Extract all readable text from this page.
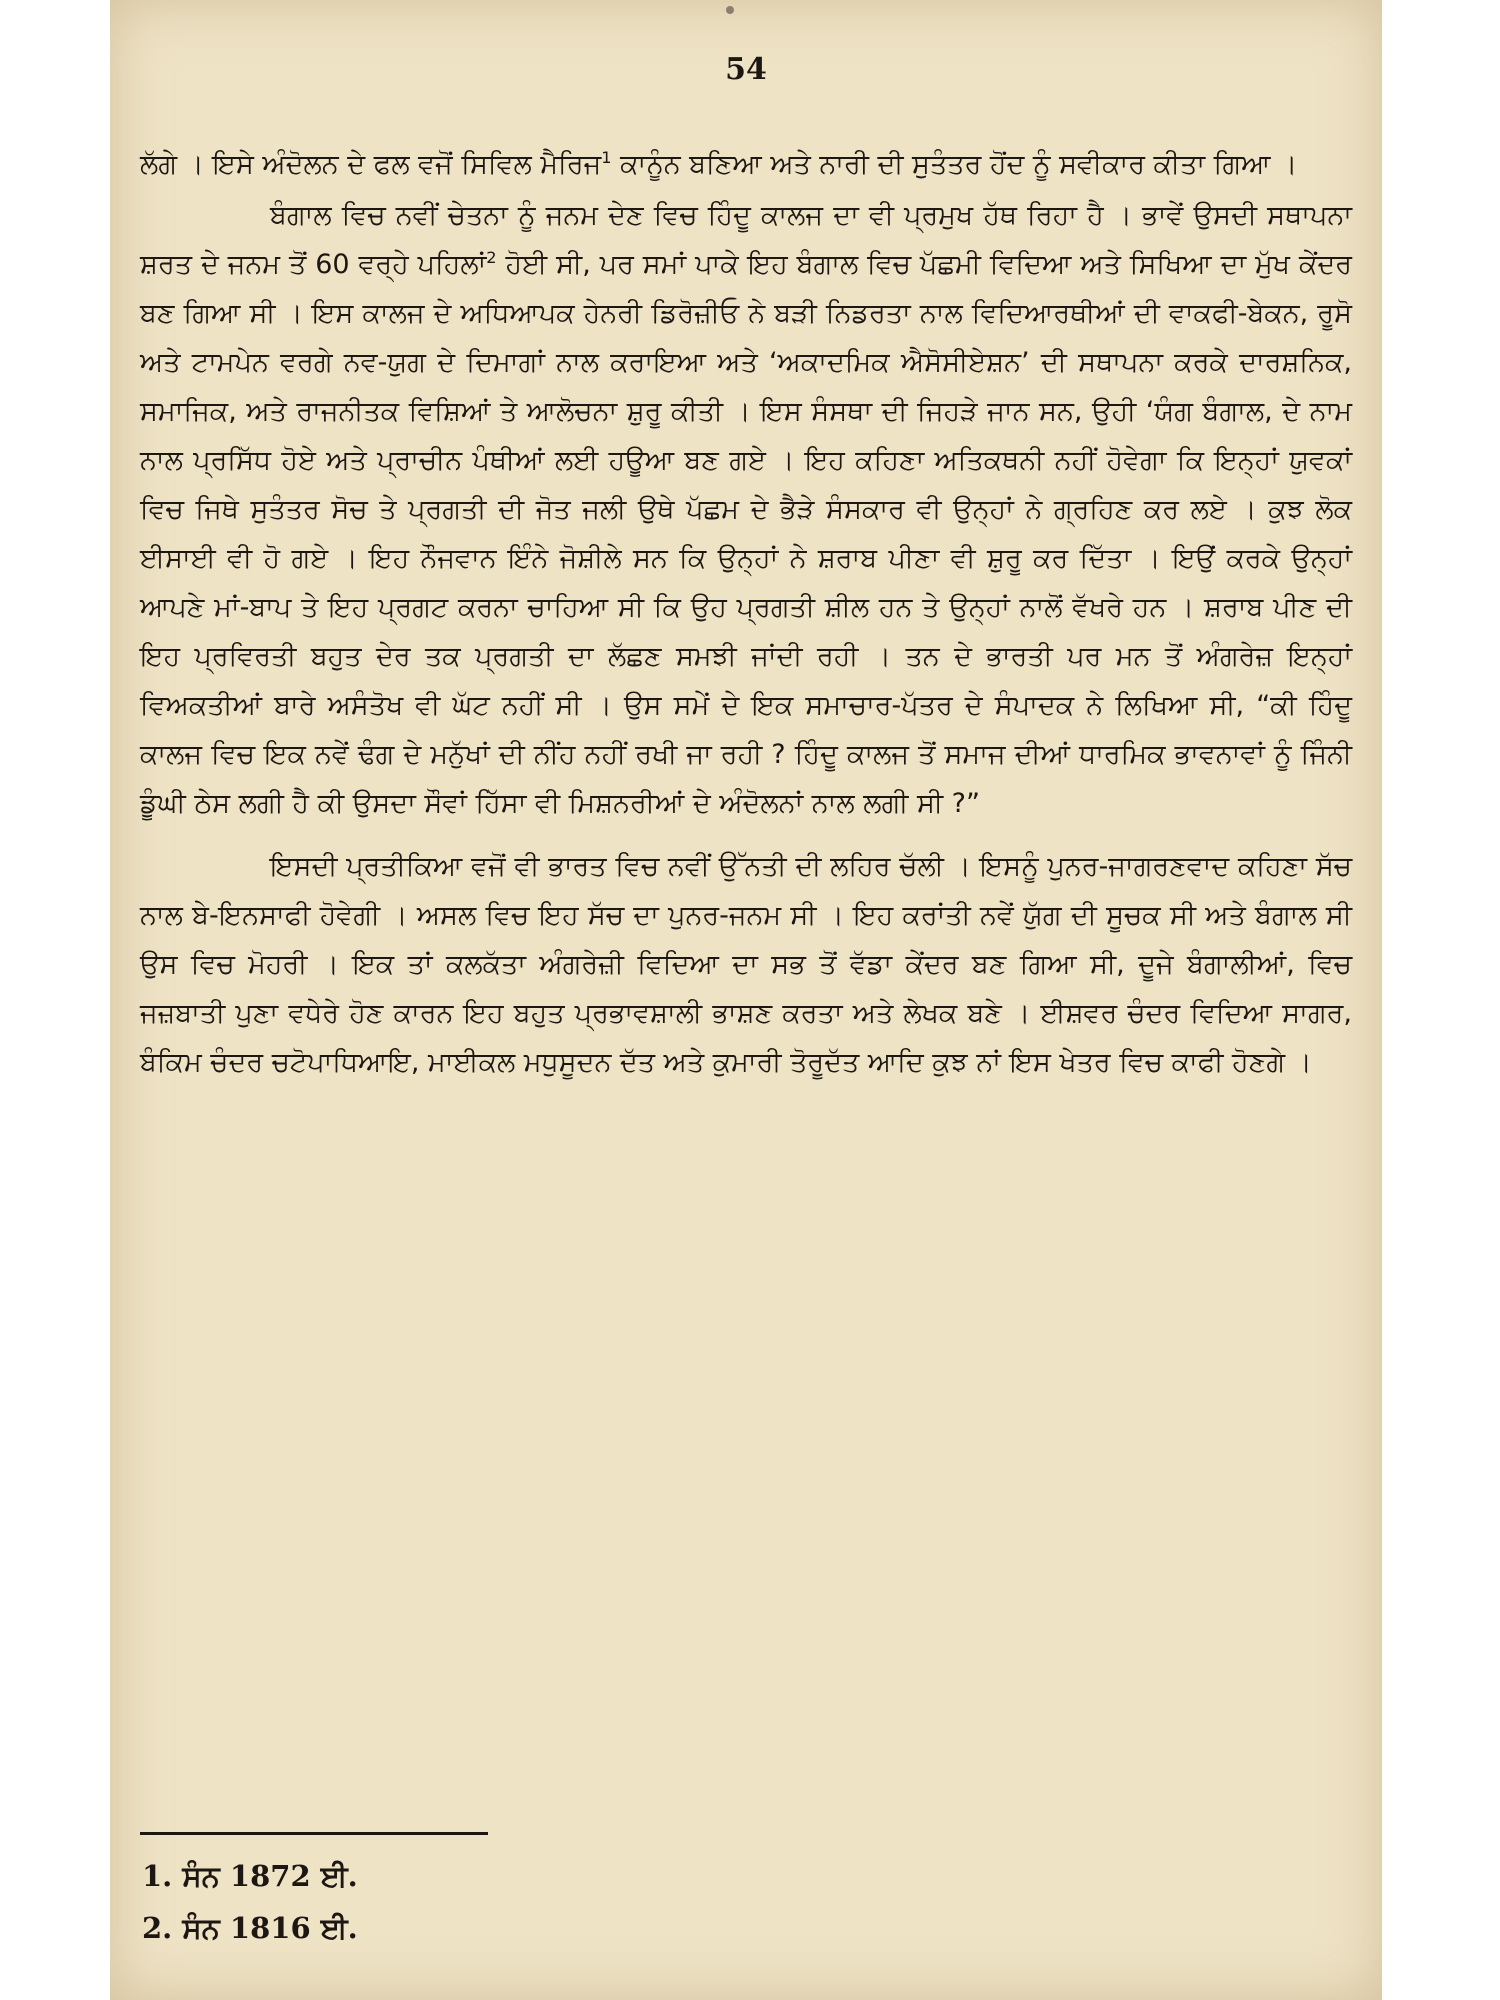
54

ਲੱਗੇ । ਇਸੇ ਅੰਦੋਲਨ ਦੇ ਫਲ ਵਜੋਂ ਸਿਵਿਲ ਮੈਰਿਜ$^1$ ਕਾਨੂੰਨ ਬਣਿਆ ਅਤੇ ਨਾਰੀ ਦੀ ਸੁਤੰਤਰ ਹੋਂਦ ਨੂੰ ਸਵੀਕਾਰ ਕੀਤਾ ਗਿਆ ।

ਬੰਗਾਲ ਵਿਚ ਨਵੀਂ ਚੇਤਨਾ ਨੂੰ ਜਨਮ ਦੇਣ ਵਿਚ ਹਿੰਦੂ ਕਾਲਜ ਦਾ ਵੀ ਪ੍ਰਮੁਖ ਹੱਥ ਰਿਹਾ ਹੈ । ਭਾਵੇਂ ਉਸਦੀ ਸਥਾਪਨਾ ਸ਼ਰਤ ਦੇ ਜਨਮ ਤੋਂ 60 ਵਰ੍ਹੇ ਪਹਿਲਾਂ$^2$ ਹੋਈ ਸੀ, ਪਰ ਸਮਾਂ ਪਾਕੇ ਇਹ ਬੰਗਾਲ ਵਿਚ ਪੱਛਮੀ ਵਿਦਿਆ ਅਤੇ ਸਿਖਿਆ ਦਾ ਮੁੱਖ ਕੇਂਦਰ ਬਣ ਗਿਆ ਸੀ । ਇਸ ਕਾਲਜ ਦੇ ਅਧਿਆਪਕ ਹੇਨਰੀ ਡਿਰੋਜ਼ੀਓ ਨੇ ਬੜੀ ਨਿਡਰਤਾ ਨਾਲ ਵਿਦਿਆਰਥੀਆਂ ਦੀ ਵਾਕਫੀ-ਬੇਕਨ, ਰੂਸੋ ਅਤੇ ਟਾਮਪੇਨ ਵਰਗੇ ਨਵ-ਯੁਗ ਦੇ ਦਿਮਾਗਾਂ ਨਾਲ ਕਰਾਇਆ ਅਤੇ ‘ਅਕਾਦਮਿਕ ਐਸੋਸੀਏਸ਼ਨ’ ਦੀ ਸਥਾਪਨਾ ਕਰਕੇ ਦਾਰਸ਼ਨਿਕ, ਸਮਾਜਿਕ, ਅਤੇ ਰਾਜਨੀਤਕ ਵਿਸ਼ਿਆਂ ਤੇ ਆਲੋਚਨਾ ਸ਼ੁਰੂ ਕੀਤੀ । ਇਸ ਸੰਸਥਾ ਦੀ ਜਿਹੜੇ ਜਾਨ ਸਨ, ਉਹੀ ‘ਯੰਗ ਬੰਗਾਲ, ਦੇ ਨਾਮ ਨਾਲ ਪ੍ਰਸਿੱਧ ਹੋਏ ਅਤੇ ਪ੍ਰਾਚੀਨ ਪੰਥੀਆਂ ਲਈ ਹਊਆ ਬਣ ਗਏ । ਇਹ ਕਹਿਣਾ ਅਤਿਕਥਨੀ ਨਹੀਂ ਹੋਵੇਗਾ ਕਿ ਇਨ੍ਹਾਂ ਯੁਵਕਾਂ ਵਿਚ ਜਿਥੇ ਸੁਤੰਤਰ ਸੋਚ ਤੇ ਪ੍ਰਗਤੀ ਦੀ ਜੋਤ ਜਲੀ ਉਥੇ ਪੱਛਮ ਦੇ ਭੈੜੇ ਸੰਸਕਾਰ ਵੀ ਉਨ੍ਹਾਂ ਨੇ ਗ੍ਰਹਿਣ ਕਰ ਲਏ । ਕੁਝ ਲੋਕ ਈਸਾਈ ਵੀ ਹੋ ਗਏ । ਇਹ ਨੌਜਵਾਨ ਇੰਨੇ ਜੋਸ਼ੀਲੇ ਸਨ ਕਿ ਉਨ੍ਹਾਂ ਨੇ ਸ਼ਰਾਬ ਪੀਣਾ ਵੀ ਸ਼ੁਰੂ ਕਰ ਦਿੱਤਾ । ਇਉਂ ਕਰਕੇ ਉਨ੍ਹਾਂ ਆਪਣੇ ਮਾਂ-ਬਾਪ ਤੇ ਇਹ ਪ੍ਰਗਟ ਕਰਨਾ ਚਾਹਿਆ ਸੀ ਕਿ ਉਹ ਪ੍ਰਗਤੀ ਸ਼ੀਲ ਹਨ ਤੇ ਉਨ੍ਹਾਂ ਨਾਲੋਂ ਵੱਖਰੇ ਹਨ । ਸ਼ਰਾਬ ਪੀਣ ਦੀ ਇਹ ਪ੍ਰਵਿਰਤੀ ਬਹੁਤ ਦੇਰ ਤਕ ਪ੍ਰਗਤੀ ਦਾ ਲੱਛਣ ਸਮਝੀ ਜਾਂਦੀ ਰਹੀ । ਤਨ ਦੇ ਭਾਰਤੀ ਪਰ ਮਨ ਤੋਂ ਅੰਗਰੇਜ਼ ਇਨ੍ਹਾਂ ਵਿਅਕਤੀਆਂ ਬਾਰੇ ਅਸੰਤੋਖ ਵੀ ਘੱਟ ਨਹੀਂ ਸੀ । ਉਸ ਸਮੇਂ ਦੇ ਇਕ ਸਮਾਚਾਰ-ਪੱਤਰ ਦੇ ਸੰਪਾਦਕ ਨੇ ਲਿਖਿਆ ਸੀ, “ਕੀ ਹਿੰਦੂ ਕਾਲਜ ਵਿਚ ਇਕ ਨਵੇਂ ਢੰਗ ਦੇ ਮਨੁੱਖਾਂ ਦੀ ਨੀਂਹ ਨਹੀਂ ਰਖੀ ਜਾ ਰਹੀ ? ਹਿੰਦੂ ਕਾਲਜ ਤੋਂ ਸਮਾਜ ਦੀਆਂ ਧਾਰਮਿਕ ਭਾਵਨਾਵਾਂ ਨੂੰ ਜਿੰਨੀ ਡੂੰਘੀ ਠੇਸ ਲਗੀ ਹੈ ਕੀ ਉਸਦਾ ਸੌਵਾਂ ਹਿੱਸਾ ਵੀ ਮਿਸ਼ਨਰੀਆਂ ਦੇ ਅੰਦੋਲਨਾਂ ਨਾਲ ਲਗੀ ਸੀ ?”

ਇਸਦੀ ਪ੍ਰਤੀਕਿਆ ਵਜੋਂ ਵੀ ਭਾਰਤ ਵਿਚ ਨਵੀਂ ਉੱਨਤੀ ਦੀ ਲਹਿਰ ਚੱਲੀ । ਇਸਨੂੰ ਪੁਨਰ-ਜਾਗਰਣਵਾਦ ਕਹਿਣਾ ਸੱਚ ਨਾਲ ਬੇ-ਇਨਸਾਫੀ ਹੋਵੇਗੀ । ਅਸਲ ਵਿਚ ਇਹ ਸੱਚ ਦਾ ਪੁਨਰ-ਜਨਮ ਸੀ । ਇਹ ਕਰਾਂਤੀ ਨਵੇਂ ਯੁੱਗ ਦੀ ਸੂਚਕ ਸੀ ਅਤੇ ਬੰਗਾਲ ਸੀ ਉਸ ਵਿਚ ਮੋਹਰੀ । ਇਕ ਤਾਂ ਕਲਕੱਤਾ ਅੰਗਰੇਜ਼ੀ ਵਿਦਿਆ ਦਾ ਸਭ ਤੋਂ ਵੱਡਾ ਕੇਂਦਰ ਬਣ ਗਿਆ ਸੀ, ਦੂਜੇ ਬੰਗਾਲੀਆਂ, ਵਿਚ ਜਜ਼ਬਾਤੀ ਪੁਣਾ ਵਧੇਰੇ ਹੋਣ ਕਾਰਨ ਇਹ ਬਹੁਤ ਪ੍ਰਭਾਵਸ਼ਾਲੀ ਭਾਸ਼ਣ ਕਰਤਾ ਅਤੇ ਲੇਖਕ ਬਣੇ । ਈਸ਼ਵਰ ਚੰਦਰ ਵਿਦਿਆ ਸਾਗਰ, ਬੰਕਿਮ ਚੰਦਰ ਚਟੋਪਾਧਿਆਇ, ਮਾਈਕਲ ਮਧੁਸੂਦਨ ਦੱਤ ਅਤੇ ਕੁਮਾਰੀ ਤੋਰੂਦੱਤ ਆਦਿ ਕੁਝ ਨਾਂ ਇਸ ਖੇਤਰ ਵਿਚ ਕਾਫੀ ਹੋਣਗੇ ।

1. ਸੰਨ 1872 ਈ.
2. ਸੰਨ 1816 ਈ.
